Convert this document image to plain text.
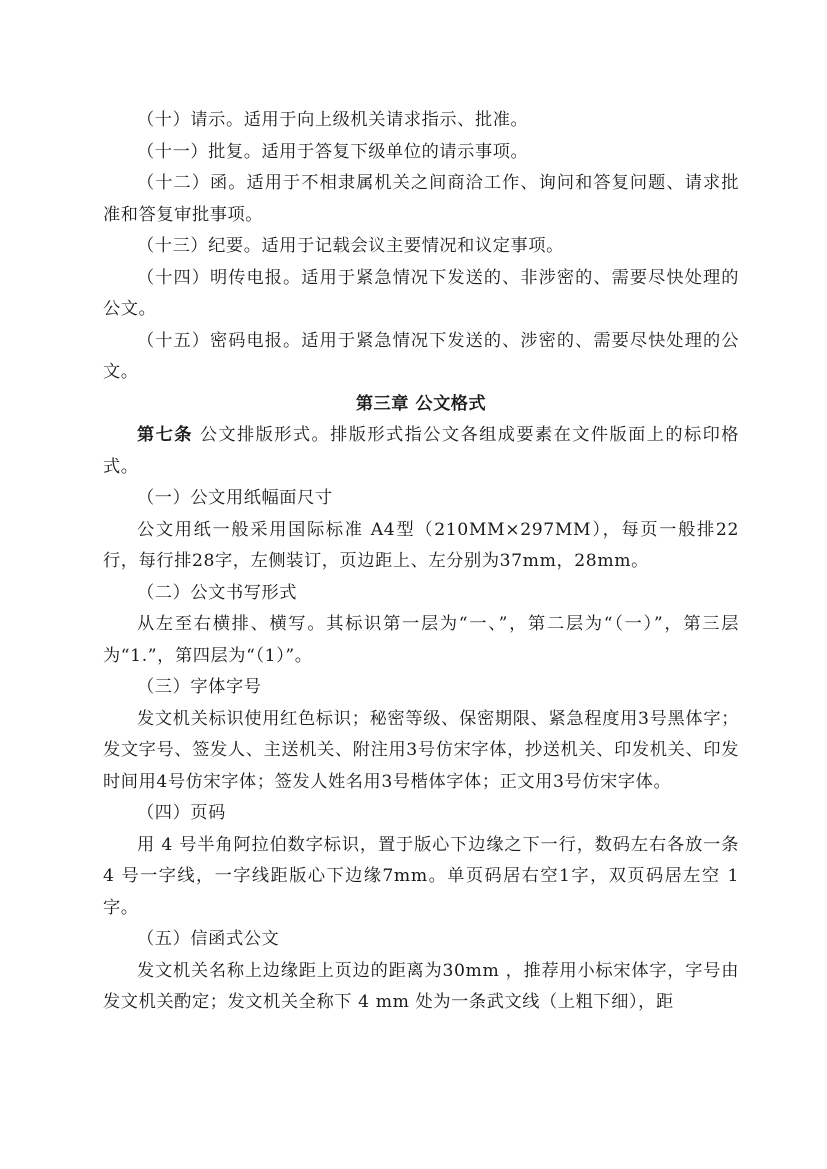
（十）请示。适用于向上级机关请求指示、批准。

（十一）批复。适用于答复下级单位的请示事项。

（十二）函。适用于不相隶属机关之间商洽工作、询问和答复问题、请求批准和答复审批事项。

（十三）纪要。适用于记载会议主要情况和议定事项。

（十四）明传电报。适用于紧急情况下发送的、非涉密的、需要尽快处理的公文。

（十五）密码电报。适用于紧急情况下发送的、涉密的、需要尽快处理的公文。

第三章 公文格式

第七条 公文排版形式。排版形式指公文各组成要素在文件版面上的标印格式。

（一）公文用纸幅面尺寸

公文用纸一般采用国际标准 A4型（210MM×297MM），每页一般排22行，每行排28字，左侧装订，页边距上、左分别为37mm，28mm。

（二）公文书写形式

从左至右横排、横写。其标识第一层为“一、”，第二层为“（一）”，第三层为“1.”，第四层为“（1）”。

（三）字体字号

发文机关标识使用红色标识；秘密等级、保密期限、紧急程度用3号黑体字；发文字号、签发人、主送机关、附注用3号仿宋字体，抄送机关、印发机关、印发时间用4号仿宋字体；签发人姓名用3号楷体字体；正文用3号仿宋字体。

（四）页码

用 4 号半角阿拉伯数字标识，置于版心下边缘之下一行，数码左右各放一条 4 号一字线，一字线距版心下边缘7mm。单页码居右空1字，双页码居左空 1 字。

（五）信函式公文

发文机关名称上边缘距上页边的距离为30mm ，推荐用小标宋体字，字号由发文机关酌定；发文机关全称下 4 mm 处为一条武文线（上粗下细），距
